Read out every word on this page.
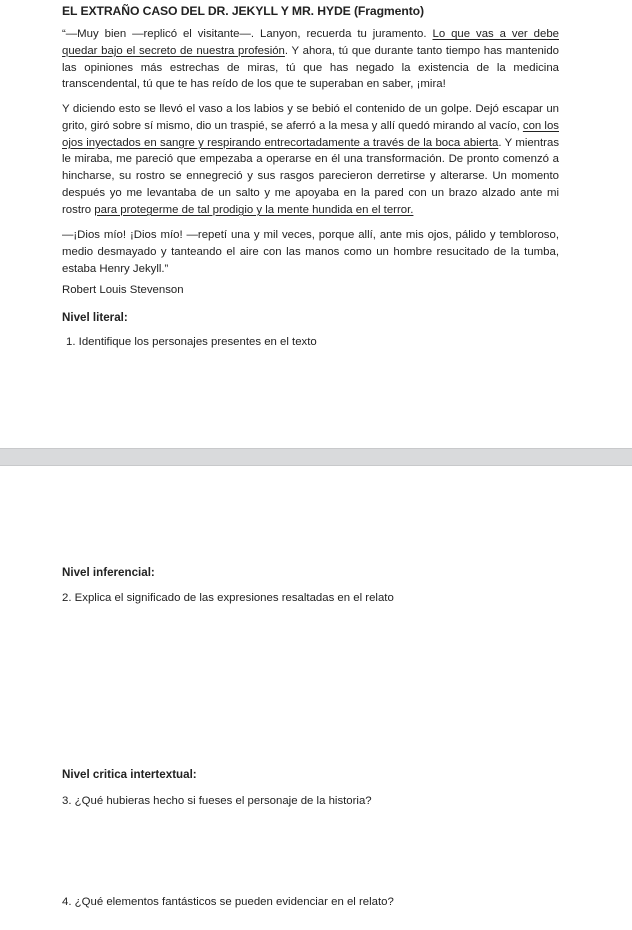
EL EXTRAÑO CASO DEL DR. JEKYLL Y MR. HYDE (Fragmento)

“—Muy bien —replicó el visitante—. Lanyon, recuerda tu juramento. Lo que vas a ver debe quedar bajo el secreto de nuestra profesión. Y ahora, tú que durante tanto tiempo has mantenido las opiniones más estrechas de miras, tú que has negado la existencia de la medicina transcendental, tú que te has reído de los que te superaban en saber, ¡mira!

Y diciendo esto se llevó el vaso a los labios y se bebió el contenido de un golpe. Dejó escapar un grito, giró sobre sí mismo, dio un traspié, se aferró a la mesa y allí quedó mirando al vacío, con los ojos inyectados en sangre y respirando entrecortadamente a través de la boca abierta. Y mientras le miraba, me pareció que empezaba a operarse en él una transformación. De pronto comenzó a hincharse, su rostro se ennegreció y sus rasgos parecieron derretirse y alterarse. Un momento después yo me levantaba de un salto y me apoyaba en la pared con un brazo alzado ante mi rostro para protegerme de tal prodigio y la mente hundida en el terror.

—¡Dios mío! ¡Dios mío! —repetí una y mil veces, porque allí, ante mis ojos, pálido y tembloroso, medio desmayado y tanteando el aire con las manos como un hombre resucitado de la tumba, estaba Henry Jekyll.”

Robert Louis Stevenson
Nivel literal:
1. Identifique los personajes presentes en el texto
Nivel inferencial:
2. Explica el significado de las expresiones resaltadas en el relato
Nivel critica intertextual:
3. ¿Qué hubieras hecho si fueses el personaje de la historia?
4. ¿Qué elementos fantásticos se pueden evidenciar en el relato?
